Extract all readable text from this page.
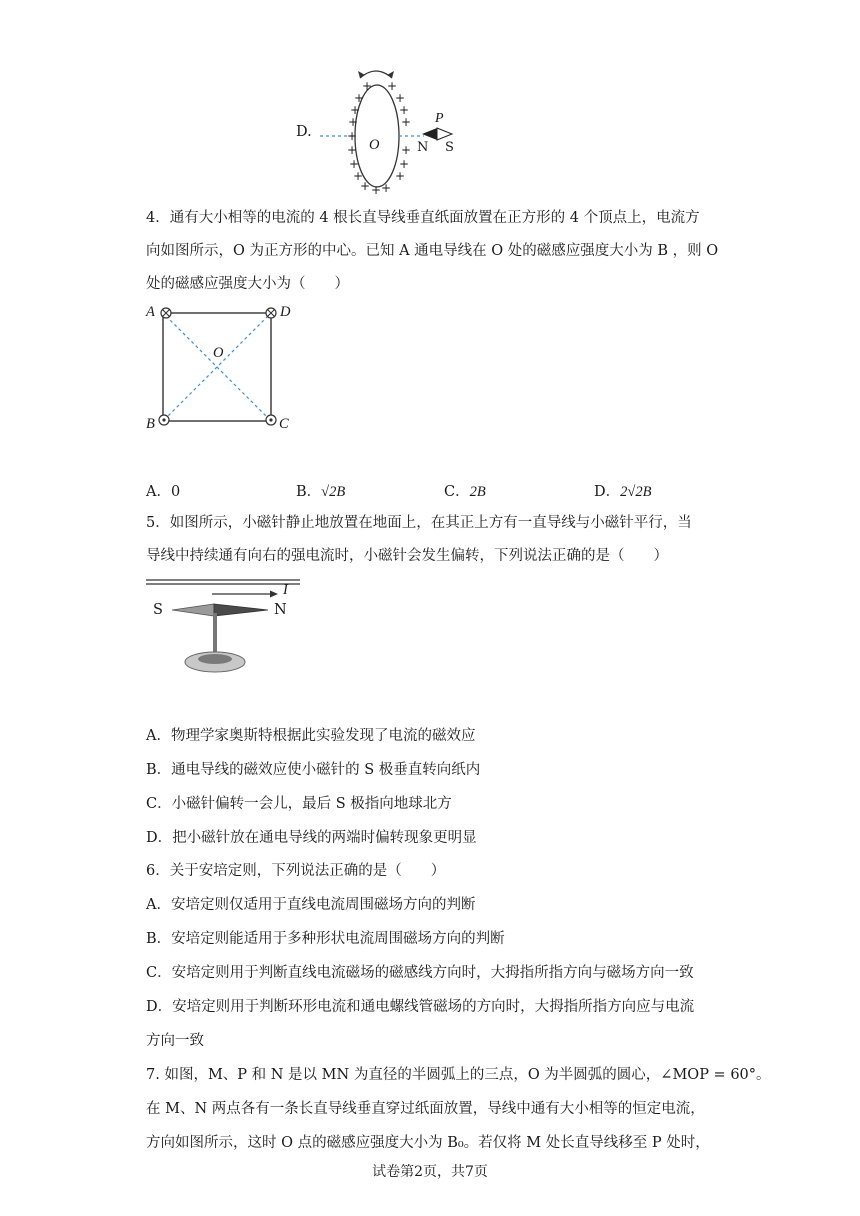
D.
+ +
+	+
+	+
+	+
+
+	+
+	+
+	+
+ + +
O
P
N S
4．通有大小相等的电流的 4 根长直导线垂直纸面放置在正方形的 4 个顶点上，电流方
向如图所示，O 为正方形的中心。已知 A 通电导线在 O 处的磁感应强度大小为 B ，则 O
处的磁感应强度大小为（　　）
A	D
O
B	C
A．0	B．√2B	C．2B	D．2√2B
5．如图所示，小磁针静止地放置在地面上，在其正上方有一直导线与小磁针平行，当
导线中持续通有向右的强电流时，小磁针会发生偏转，下列说法正确的是（　　）
I
S	N
A．物理学家奥斯特根据此实验发现了电流的磁效应
B．通电导线的磁效应使小磁针的 S 极垂直转向纸内
C．小磁针偏转一会儿，最后 S 极指向地球北方
D．把小磁针放在通电导线的两端时偏转现象更明显
6．关于安培定则，下列说法正确的是（　　）
A．安培定则仅适用于直线电流周围磁场方向的判断
B．安培定则能适用于多种形状电流周围磁场方向的判断
C．安培定则用于判断直线电流磁场的磁感线方向时，大拇指所指方向与磁场方向一致
D．安培定则用于判断环形电流和通电螺线管磁场的方向时，大拇指所指方向应与电流
方向一致
7. 如图，M、P 和 N 是以 MN 为直径的半圆弧上的三点，O 为半圆弧的圆心，∠MOP = 60°。
在 M、N 两点各有一条长直导线垂直穿过纸面放置，导线中通有大小相等的恒定电流，
方向如图所示，这时 O 点的磁感应强度大小为 B₀。若仅将 M 处长直导线移至 P 处时，
试卷第2页，共7页
